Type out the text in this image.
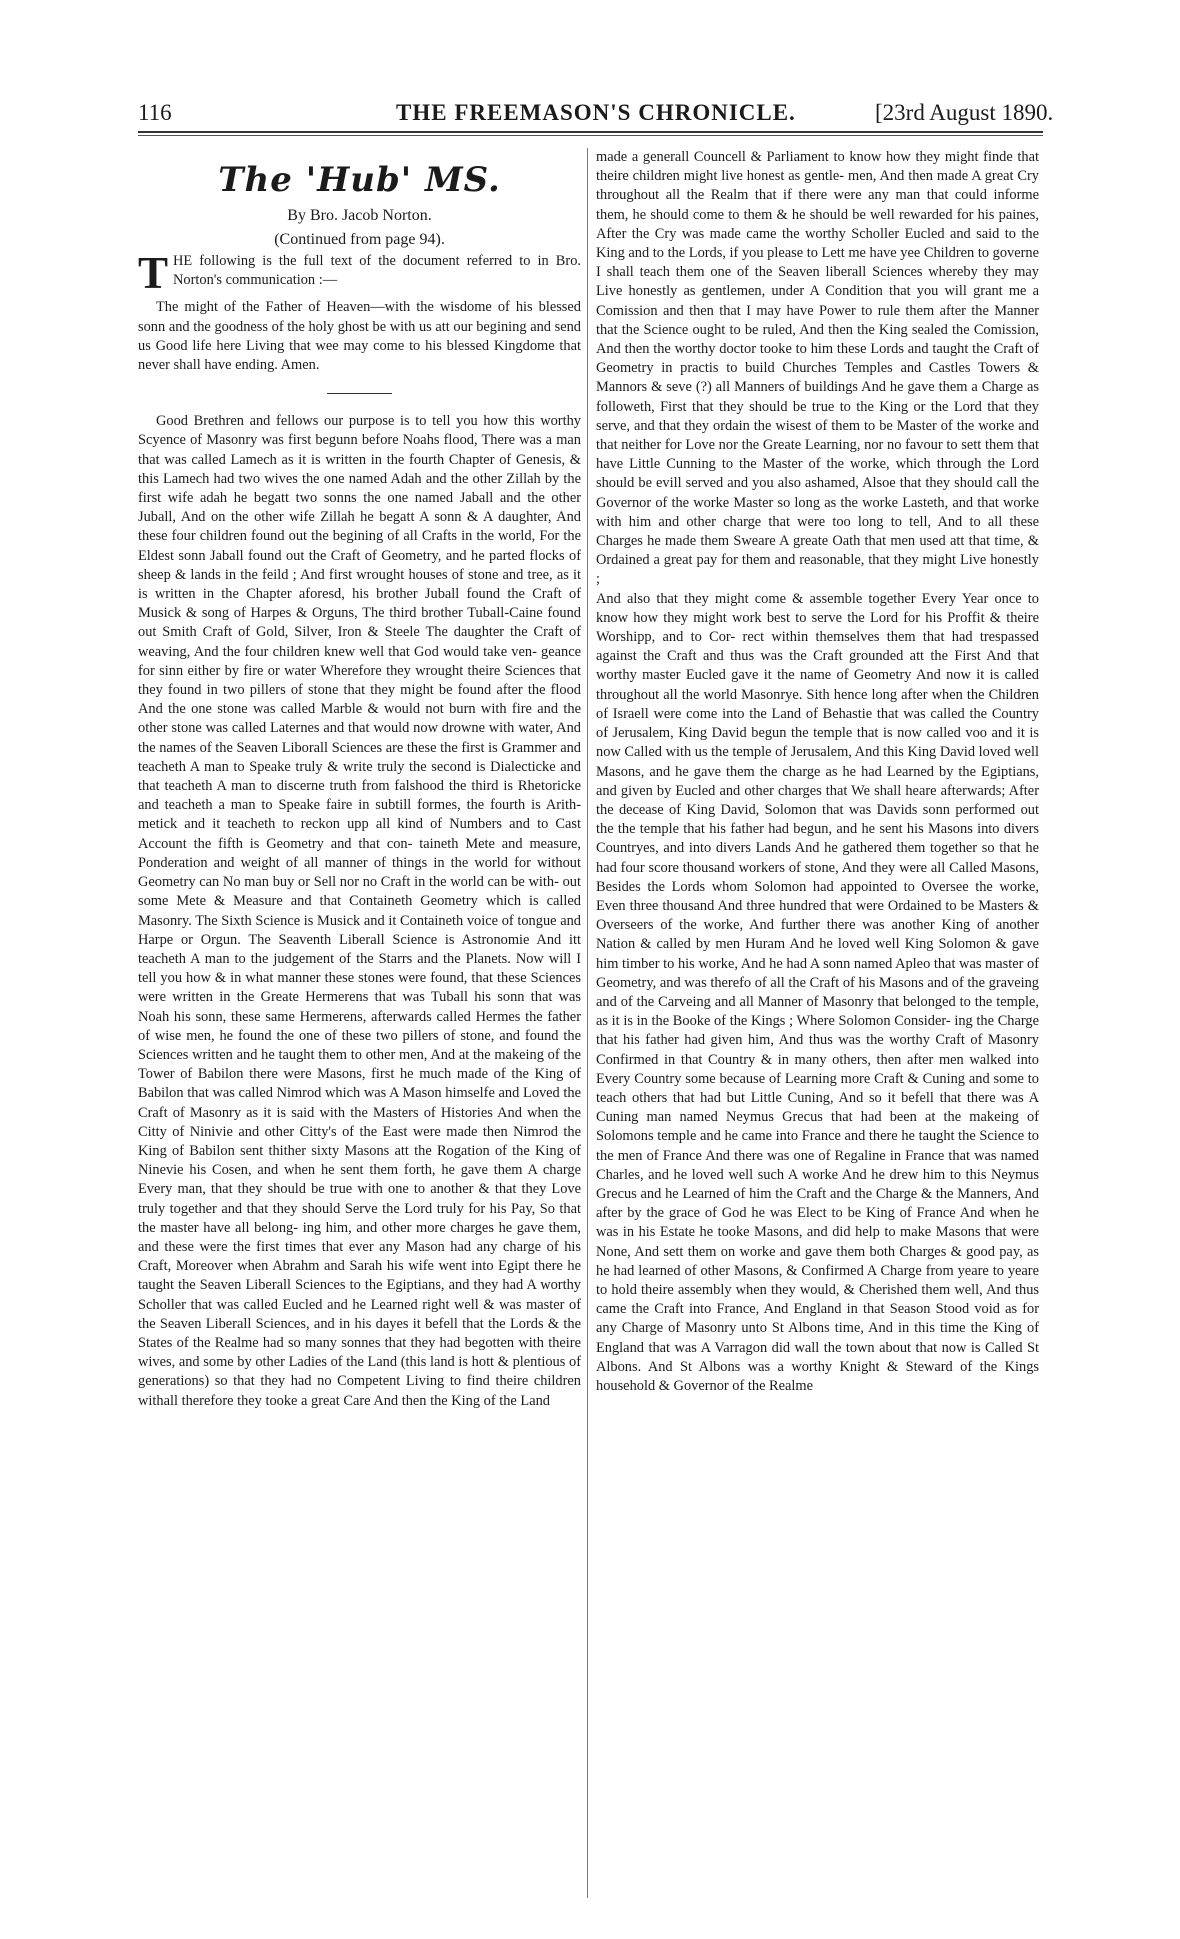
116	THE FREEMASON'S CHRONICLE.	[23rd August 1890.
The 'Hub' MS.

By Bro. Jacob Norton.

(Continued from page 94).

THE following is the full text of the document referred to in Bro. Norton's communication :—

The might of the Father of Heaven—with the wisdome of his blessed sonn and the goodness of the holy ghost be with us att our begining and send us Good life here Living that wee may come to his blessed Kingdome that never shall have ending. Amen.

Good Brethren and fellows our purpose is to tell you how this worthy Scyence of Masonry was first begunn before Noahs flood, There was a man that was called Lamech as it is written in the fourth Chapter of Genesis, & this Lamech had two wives the one named Adah and the other Zillah by the first wife adah he begatt two sonns the one named Jaball and the other Juball, And on the other wife Zillah he begatt A sonn & A daughter, And these four children found out the begining of all Crafts in the world, For the Eldest sonn Jaball found out the Craft of Geometry, and he parted flocks of sheep & lands in the feild ; And first wrought houses of stone and tree, as it is written in the Chapter aforesd, his brother Juball found the Craft of Musick & song of Harpes & Orguns, The third brother Tuball-Caine found out Smith Craft of Gold, Silver, Iron & Steele The daughter the Craft of weaving, And the four children knew well that God would take ven- geance for sinn either by fire or water Wherefore they wrought theire Sciences that they found in two pillers of stone that they might be found after the flood And the one stone was called Marble & would not burn with fire and the other stone was called Laternes and that would now drowne with water, And the names of the Seaven Liborall Sciences are these the first is Grammer and teacheth A man to Speake truly & write truly the second is Dialecticke and that teacheth A man to discerne truth from falshood the third is Rhetoricke and teacheth a man to Speake faire in subtill formes, the fourth is Arith- metick and it teacheth to reckon upp all kind of Numbers and to Cast Account the fifth is Geometry and that con- taineth Mete and measure, Ponderation and weight of all manner of things in the world for without Geometry can No man buy or Sell nor no Craft in the world can be with- out some Mete & Measure and that Containeth Geometry which is called Masonry. The Sixth Science is Musick and it Containeth voice of tongue and Harpe or Orgun. The Seaventh Liberall Science is Astronomie And itt teacheth A man to the judgement of the Starrs and the Planets. Now will I tell you how & in what manner these stones were found, that these Sciences were written in the Greate Hermerens that was Tuball his sonn that was Noah his sonn, these same Hermerens, afterwards called Hermes the father of wise men, he found the one of these two pillers of stone, and found the Sciences written and he taught them to other men, And at the makeing of the Tower of Babilon there were Masons, first he much made of the King of Babilon that was called Nimrod which was A Mason himselfe and Loved the Craft of Masonry as it is said with the Masters of Histories And when the Citty of Ninivie and other Citty's of the East were made then Nimrod the King of Babilon sent thither sixty Masons att the Rogation of the King of Ninevie his Cosen, and when he sent them forth, he gave them A charge Every man, that they should be true with one to another & that they Love truly together and that they should Serve the Lord truly for his Pay, So that the master have all belong- ing him, and other more charges he gave them, and these were the first times that ever any Mason had any charge of his Craft, Moreover when Abrahm and Sarah his wife went into Egipt there he taught the Seaven Liberall Sciences to the Egiptians, and they had A worthy Scholler that was called Eucled and he Learned right well & was master of the Seaven Liberall Sciences, and in his dayes it befell that the Lords & the States of the Realme had so many sonnes that they had begotten with theire wives, and some by other Ladies of the Land (this land is hott & plentious of generations) so that they had no Competent Living to find theire children withall therefore they tooke a great Care And then the King of the Land

made a generall Councell & Parliament to know how they might finde that theire children might live honest as gentle- men, And then made A great Cry throughout all the Realm that if there were any man that could informe them, he should come to them & he should be well rewarded for his paines, After the Cry was made came the worthy Scholler Eucled and said to the King and to the Lords, if you please to Lett me have yee Children to governe I shall teach them one of the Seaven liberall Sciences whereby they may Live honestly as gentlemen, under A Condition that you will grant me a Comission and then that I may have Power to rule them after the Manner that the Science ought to be ruled, And then the King sealed the Comission, And then the worthy doctor tooke to him these Lords and taught the Craft of Geometry in practis to build Churches Temples and Castles Towers & Mannors & seve (?) all Manners of buildings And he gave them a Charge as followeth, First that they should be true to the King or the Lord that they serve, and that they ordain the wisest of them to be Master of the worke and that neither for Love nor the Greate Learning, nor no favour to sett them that have Little Cunning to the Master of the worke, which through the Lord should be evill served and you also ashamed, Alsoe that they should call the Governor of the worke Master so long as the worke Lasteth, and that worke with him and other charge that were too long to tell, And to all these Charges he made them Sweare A greate Oath that men used att that time, & Ordained a great pay for them and reasonable, that they might Live honestly ;

And also that they might come & assemble together Every Year once to know how they might work best to serve the Lord for his Proffit & theire Worshipp, and to Cor- rect within themselves them that had trespassed against the Craft and thus was the Craft grounded att the First And that worthy master Eucled gave it the name of Geometry And now it is called throughout all the world Masonrye. Sith hence long after when the Children of Israell were come into the Land of Behastie that was called the Country of Jerusalem, King David begun the temple that is now called voo and it is now Called with us the temple of Jerusalem, And this King David loved well Masons, and he gave them the charge as he had Learned by the Egiptians, and given by Eucled and other charges that We shall heare afterwards; After the decease of King David, Solomon that was Davids sonn performed out the the temple that his father had begun, and he sent his Masons into divers Countryes, and into divers Lands And he gathered them together so that he had four score thousand workers of stone, And they were all Called Masons, Besides the Lords whom Solomon had appointed to Oversee the worke, Even three thousand And three hundred that were Ordained to be Masters & Overseers of the worke, And further there was another King of another Nation & called by men Huram And he loved well King Solomon & gave him timber to his worke, And he had A sonn named Apleo that was master of Geometry, and was therefo of all the Craft of his Masons and of the graveing and of the Carveing and all Manner of Masonry that belonged to the temple, as it is in the Booke of the Kings ; Where Solomon Consider- ing the Charge that his father had given him, And thus was the worthy Craft of Masonry Confirmed in that Country & in many others, then after men walked into Every Country some because of Learning more Craft & Cuning and some to teach others that had but Little Cuning, And so it befell that there was A Cuning man named Neymus Grecus that had been at the makeing of Solomons temple and he came into France and there he taught the Science to the men of France And there was one of Regaline in France that was named Charles, and he loved well such A worke And he drew him to this Neymus Grecus and he Learned of him the Craft and the Charge & the Manners, And after by the grace of God he was Elect to be King of France And when he was in his Estate he tooke Masons, and did help to make Masons that were None, And sett them on worke and gave them both Charges & good pay, as he had learned of other Masons, & Confirmed A Charge from yeare to yeare to hold theire assembly when they would, & Cherished them well, And thus came the Craft into France, And England in that Season Stood void as for any Charge of Masonry unto St Albons time, And in this time the King of England that was A Varragon did wall the town about that now is Called St Albons. And St Albons was a worthy Knight & Steward of the Kings household & Governor of the Realme
